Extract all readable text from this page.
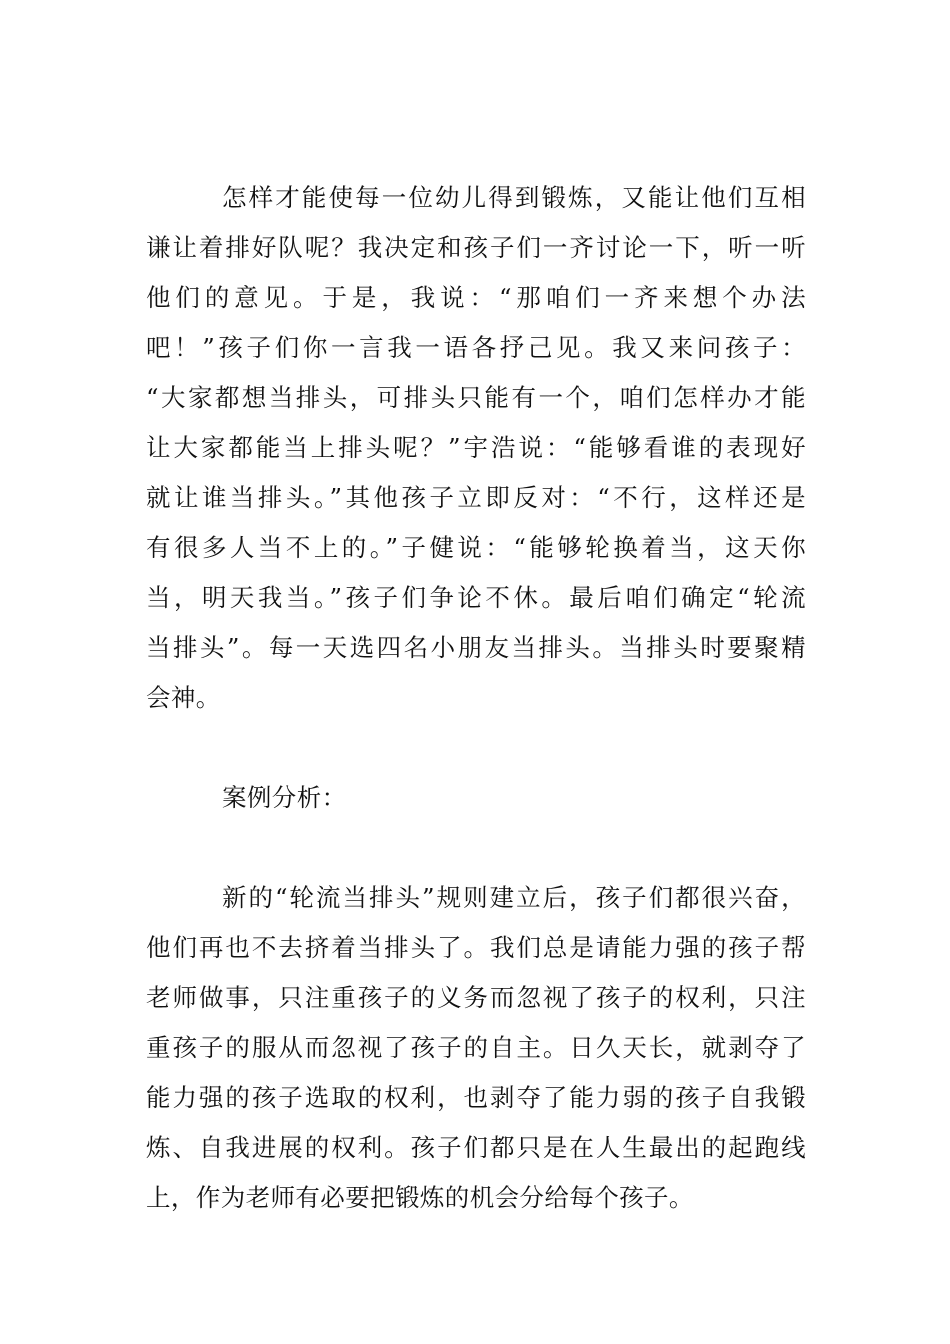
怎样才能使每一位幼儿得到锻炼，又能让他们互相
谦让着排好队呢？我决定和孩子们一齐讨论一下，听一听
他们的意见。于是，我说：“那咱们一齐来想个办法
吧！”孩子们你一言我一语各抒己见。我又来问孩子：
“大家都想当排头，可排头只能有一个，咱们怎样办才能
让大家都能当上排头呢？”宇浩说：“能够看谁的表现好
就让谁当排头。”其他孩子立即反对：“不行，这样还是
有很多人当不上的。”子健说：“能够轮换着当，这天你
当，明天我当。”孩子们争论不休。最后咱们确定“轮流
当排头”。每一天选四名小朋友当排头。当排头时要聚精
会神。
案例分析：
新的“轮流当排头”规则建立后，孩子们都很兴奋，
他们再也不去挤着当排头了。我们总是请能力强的孩子帮
老师做事，只注重孩子的义务而忽视了孩子的权利，只注
重孩子的服从而忽视了孩子的自主。日久天长，就剥夺了
能力强的孩子选取的权利，也剥夺了能力弱的孩子自我锻
炼、自我进展的权利。孩子们都只是在人生最出的起跑线
上，作为老师有必要把锻炼的机会分给每个孩子。
